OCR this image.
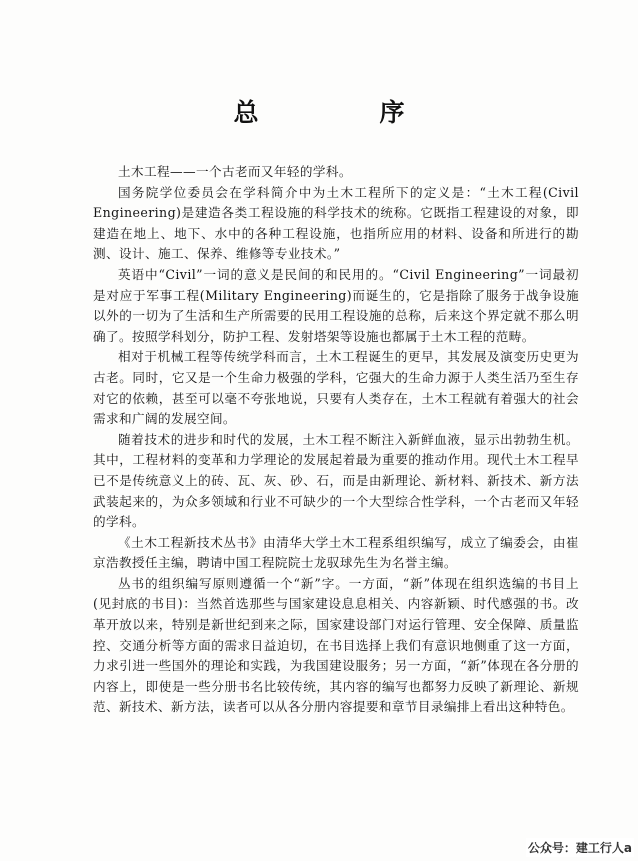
总　序

土木工程——一个古老而又年轻的学科。

国务院学位委员会在学科简介中为土木工程所下的定义是：“土木工程(Civil Engineering)是建造各类工程设施的科学技术的统称。它既指工程建设的对象，即建造在地上、地下、水中的各种工程设施，也指所应用的材料、设备和所进行的勘测、设计、施工、保养、维修等专业技术。”

英语中“Civil”一词的意义是民间的和民用的。“Civil Engineering”一词最初是对应于军事工程(Military Engineering)而诞生的，它是指除了服务于战争设施以外的一切为了生活和生产所需要的民用工程设施的总称，后来这个界定就不那么明确了。按照学科划分，防护工程、发射塔架等设施也都属于土木工程的范畴。

相对于机械工程等传统学科而言，土木工程诞生的更早，其发展及演变历史更为古老。同时，它又是一个生命力极强的学科，它强大的生命力源于人类生活乃至生存对它的依赖，甚至可以毫不夸张地说，只要有人类存在，土木工程就有着强大的社会需求和广阔的发展空间。

随着技术的进步和时代的发展，土木工程不断注入新鲜血液，显示出勃勃生机。其中，工程材料的变革和力学理论的发展起着最为重要的推动作用。现代土木工程早已不是传统意义上的砖、瓦、灰、砂、石，而是由新理论、新材料、新技术、新方法武装起来的，为众多领域和行业不可缺少的一个大型综合性学科，一个古老而又年轻的学科。

《土木工程新技术丛书》由清华大学土木工程系组织编写，成立了编委会，由崔京浩教授任主编，聘请中国工程院院士龙驭球先生为名誉主编。

丛书的组织编写原则遵循一个“新”字。一方面，“新”体现在组织选编的书目上(见封底的书目)：当然首选那些与国家建设息息相关、内容新颖、时代感强的书。改革开放以来，特别是新世纪到来之际，国家建设部门对运行管理、安全保障、质量监控、交通分析等方面的需求日益迫切，在书目选择上我们有意识地侧重了这一方面，力求引进一些国外的理论和实践，为我国建设服务；另一方面，“新”体现在各分册的内容上，即使是一些分册书名比较传统，其内容的编写也都努力反映了新理论、新规范、新技术、新方法，读者可以从各分册内容提要和章节目录编排上看出这种特色。

公众号：建工行人a
